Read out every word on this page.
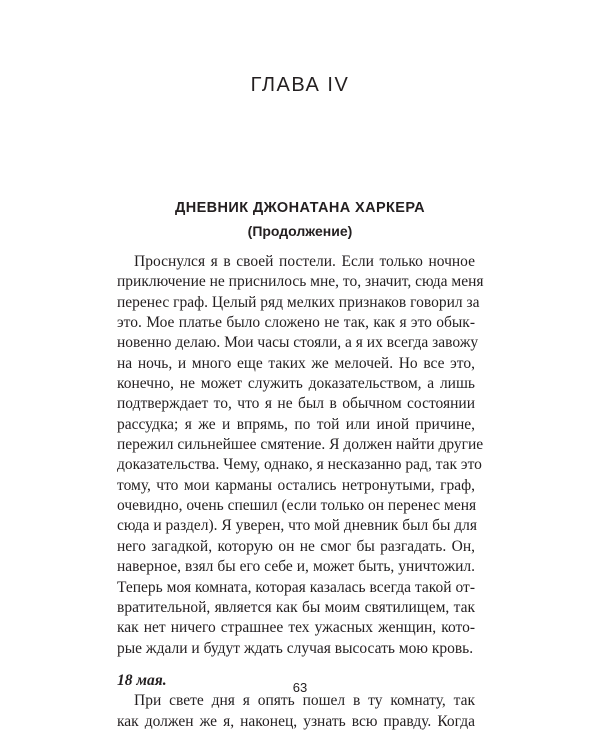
ГЛАВА IV
ДНЕВНИК ДЖОНАТАНА ХАРКЕРА
(Продолжение)
Проснулся я в своей постели. Если только ночное
приключение не приснилось мне, то, значит, сюда меня
перенес граф. Целый ряд мелких признаков говорил за
это. Мое платье было сложено не так, как я это обык-
новенно делаю. Мои часы стояли, а я их всегда завожу
на ночь, и много еще таких же мелочей. Но все это,
конечно, не может служить доказательством, а лишь
подтверждает то, что я не был в обычном состоянии
рассудка; я же и впрямь, по той или иной причине,
пережил сильнейшее смятение. Я должен найти другие
доказательства. Чему, однако, я несказанно рад, так это
тому, что мои карманы остались нетронутыми, граф,
очевидно, очень спешил (если только он перенес меня
сюда и раздел). Я уверен, что мой дневник был бы для
него загадкой, которую он не смог бы разгадать. Он,
наверное, взял бы его себе и, может быть, уничтожил.
Теперь моя комната, которая казалась всегда такой от-
вратительной, является как бы моим святилищем, так
как нет ничего страшнее тех ужасных женщин, кото-
рые ждали и будут ждать случая высосать мою кровь.
18 мая.
При свете дня я опять пошел в ту комнату, так
как должен же я, наконец, узнать всю правду. Когда
63
